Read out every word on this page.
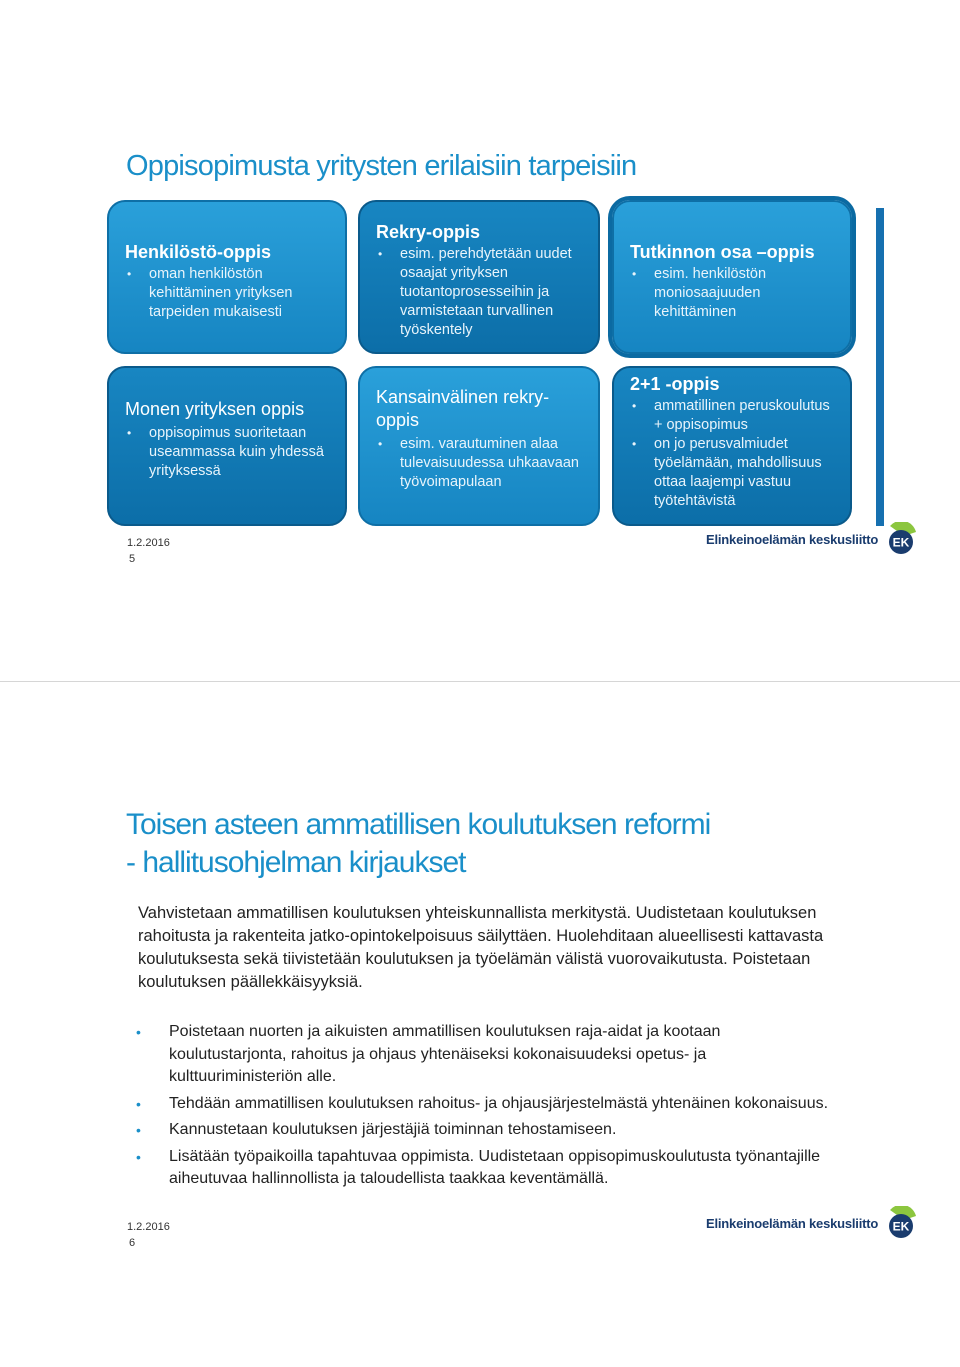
Oppisopimusta yritysten erilaisiin tarpeisiin
Henkilöstö-oppis
• oman henkilöstön kehittäminen yrityksen tarpeiden mukaisesti
Rekry-oppis
• esim. perehdytetään uudet osaajat yrityksen tuotantoprosesseihin ja varmistetaan turvallinen työskentely
Tutkinnon osa –oppis
• esim. henkilöstön moniosaajuuden kehittäminen
Monen yrityksen oppis
• oppisopimus suoritetaan useammassa kuin yhdessä yrityksessä
Kansainvälinen rekry-oppis
• esim. varautuminen alaa tulevaisuudessa uhkaavaan työvoimapulaan
2+1 -oppis
• ammatillinen peruskoulutus + oppisopimus
• on jo perusvalmiudet työelämään, mahdollisuus ottaa laajempi vastuu työtehtävistä
1.2.2016
5
Elinkeinoelämän keskusliitto EK
Toisen asteen ammatillisen koulutuksen reformi
- hallitusohjelman kirjaukset
Vahvistetaan ammatillisen koulutuksen yhteiskunnallista merkitystä. Uudistetaan koulutuksen rahoitusta ja rakenteita jatko-opintokelpoisuus säilyttäen. Huolehditaan alueellisesti kattavasta koulutuksesta sekä tiivistetään koulutuksen ja työelämän välistä vuorovaikutusta. Poistetaan koulutuksen päällekkäisyyksiä.
• Poistetaan nuorten ja aikuisten ammatillisen koulutuksen raja-aidat ja kootaan koulutustarjonta, rahoitus ja ohjaus yhtenäiseksi kokonaisuudeksi opetus- ja kulttuuriministeriön alle.
• Tehdään ammatillisen koulutuksen rahoitus- ja ohjausjärjestelmästä yhtenäinen kokonaisuus.
• Kannustetaan koulutuksen järjestäjiä toiminnan tehostamiseen.
• Lisätään työpaikoilla tapahtuvaa oppimista. Uudistetaan oppisopimuskoulutusta työnantajille aiheutuvaa hallinnollista ja taloudellista taakkaa keventämällä.
1.2.2016
6
Elinkeinoelämän keskusliitto EK
